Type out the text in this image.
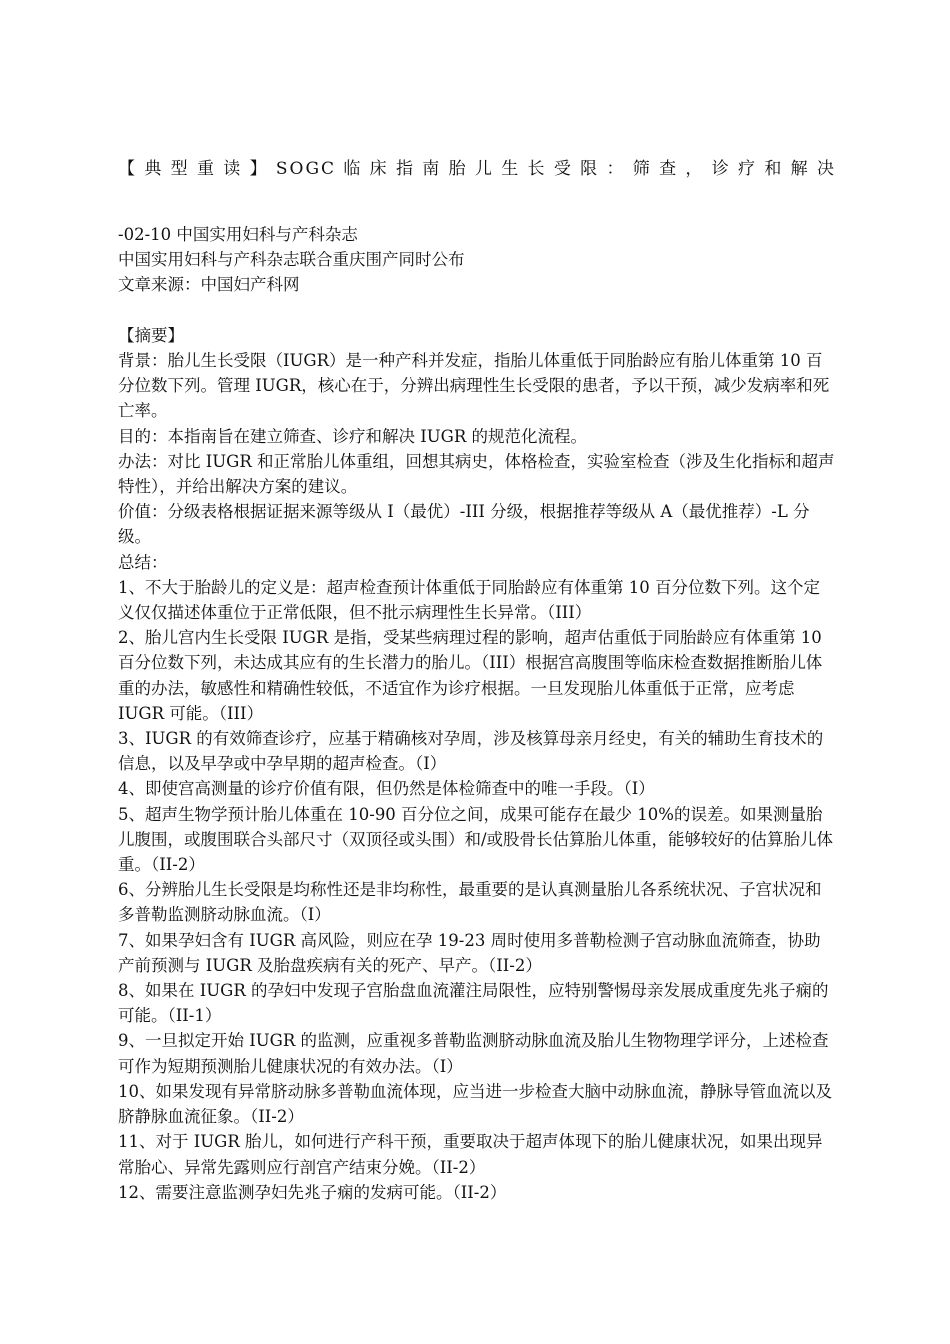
【典型重读】SOGC临床指南胎儿生长受限：筛查，诊疗和解决

-02-10 中国实用妇科与产科杂志

中国实用妇科与产科杂志联合重庆围产同时公布

文章来源：中国妇产科网

【摘要】

背景：胎儿生长受限（IUGR）是一种产科并发症，指胎儿体重低于同胎龄应有胎儿体重第 10 百分位数下列。管理 IUGR，核心在于，分辨出病理性生长受限的患者，予以干预，减少发病率和死亡率。

目的：本指南旨在建立筛查、诊疗和解决 IUGR 的规范化流程。

办法：对比 IUGR 和正常胎儿体重组，回想其病史，体格检查，实验室检查（涉及生化指标和超声特性），并给出解决方案的建议。

价值：分级表格根据证据来源等级从 I（最优）-III 分级，根据推荐等级从 A（最优推荐）-L 分级。

总结：

1、不大于胎龄儿的定义是：超声检查预计体重低于同胎龄应有体重第 10 百分位数下列。这个定义仅仅描述体重位于正常低限，但不批示病理性生长异常。（III）

2、胎儿宫内生长受限 IUGR 是指，受某些病理过程的影响，超声估重低于同胎龄应有体重第 10 百分位数下列，未达成其应有的生长潜力的胎儿。（III）根据宫高腹围等临床检查数据推断胎儿体重的办法，敏感性和精确性较低，不适宜作为诊疗根据。一旦发现胎儿体重低于正常，应考虑 IUGR 可能。（III）

3、IUGR 的有效筛查诊疗，应基于精确核对孕周，涉及核算母亲月经史，有关的辅助生育技术的信息，以及早孕或中孕早期的超声检查。（I）

4、即使宫高测量的诊疗价值有限，但仍然是体检筛查中的唯一手段。（I）

5、超声生物学预计胎儿体重在 10-90 百分位之间，成果可能存在最少 10%的误差。如果测量胎儿腹围，或腹围联合头部尺寸（双顶径或头围）和/或股骨长估算胎儿体重，能够较好的估算胎儿体重。（II-2）

6、分辨胎儿生长受限是均称性还是非均称性，最重要的是认真测量胎儿各系统状况、子宫状况和多普勒监测脐动脉血流。（I）

7、如果孕妇含有 IUGR 高风险，则应在孕 19-23 周时使用多普勒检测子宫动脉血流筛查，协助产前预测与 IUGR 及胎盘疾病有关的死产、早产。（II-2）

8、如果在 IUGR 的孕妇中发现子宫胎盘血流灌注局限性，应特别警惕母亲发展成重度先兆子痫的可能。（II-1）

9、一旦拟定开始 IUGR 的监测，应重视多普勒监测脐动脉血流及胎儿生物物理学评分，上述检查可作为短期预测胎儿健康状况的有效办法。（I）

10、如果发现有异常脐动脉多普勒血流体现，应当进一步检查大脑中动脉血流，静脉导管血流以及脐静脉血流征象。（II-2）

11、对于 IUGR 胎儿，如何进行产科干预，重要取决于超声体现下的胎儿健康状况，如果出现异常胎心、异常先露则应行剖宫产结束分娩。（II-2）

12、需要注意监测孕妇先兆子痫的发病可能。（II-2）
